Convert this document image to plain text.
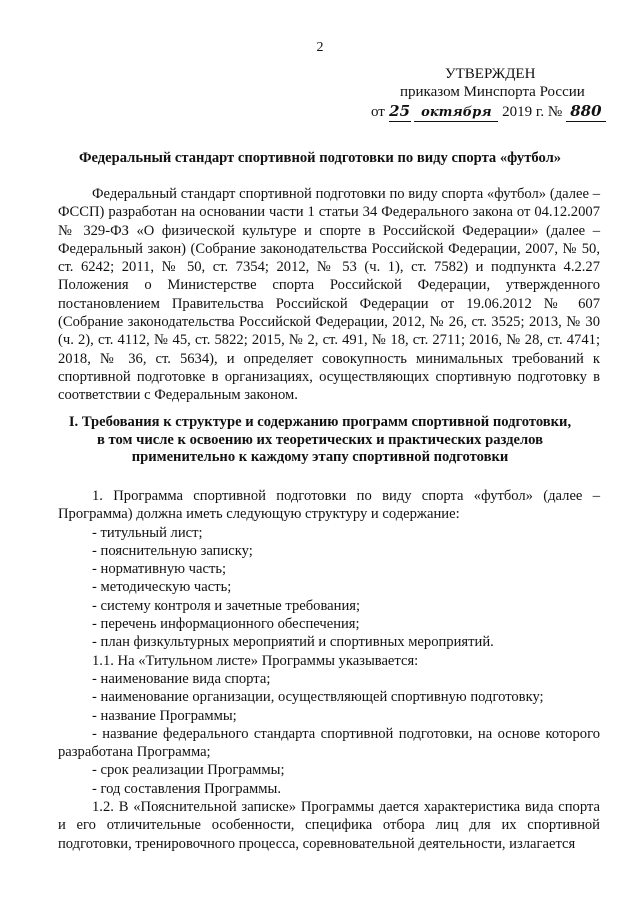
2
УТВЕРЖДЕН
приказом Минспорта России
от 25 октября 2019 г. № 880
Федеральный стандарт спортивной подготовки по виду спорта «футбол»

Федеральный стандарт спортивной подготовки по виду спорта «футбол» (далее – ФССП) разработан на основании части 1 статьи 34 Федерального закона от 04.12.2007 № 329-ФЗ «О физической культуре и спорте в Российской Федерации» (далее – Федеральный закон) (Собрание законодательства Российской Федерации, 2007, № 50, ст. 6242; 2011, № 50, ст. 7354; 2012, № 53 (ч. 1), ст. 7582) и подпункта 4.2.27 Положения о Министерстве спорта Российской Федерации, утвержденного постановлением Правительства Российской Федерации от 19.06.2012 № 607 (Собрание законодательства Российской Федерации, 2012, № 26, ст. 3525; 2013, № 30 (ч. 2), ст. 4112, № 45, ст. 5822; 2015, № 2, ст. 491, № 18, ст. 2711; 2016, № 28, ст. 4741; 2018, № 36, ст. 5634), и определяет совокупность минимальных требований к спортивной подготовке в организациях, осуществляющих спортивную подготовку в соответствии с Федеральным законом.

I. Требования к структуре и содержанию программ спортивной подготовки,
в том числе к освоению их теоретических и практических разделов
применительно к каждому этапу спортивной подготовки
1. Программа спортивной подготовки по виду спорта «футбол» (далее – Программа) должна иметь следующую структуру и содержание:
- титульный лист;
- пояснительную записку;
- нормативную часть;
- методическую часть;
- систему контроля и зачетные требования;
- перечень информационного обеспечения;
- план физкультурных мероприятий и спортивных мероприятий.
1.1. На «Титульном листе» Программы указывается:
- наименование вида спорта;
- наименование организации, осуществляющей спортивную подготовку;
- название Программы;
- название федерального стандарта спортивной подготовки, на основе которого разработана Программа;
- срок реализации Программы;
- год составления Программы.
1.2. В «Пояснительной записке» Программы дается характеристика вида спорта и его отличительные особенности, специфика отбора лиц для их спортивной подготовки, тренировочного процесса, соревновательной деятельности, излагается
